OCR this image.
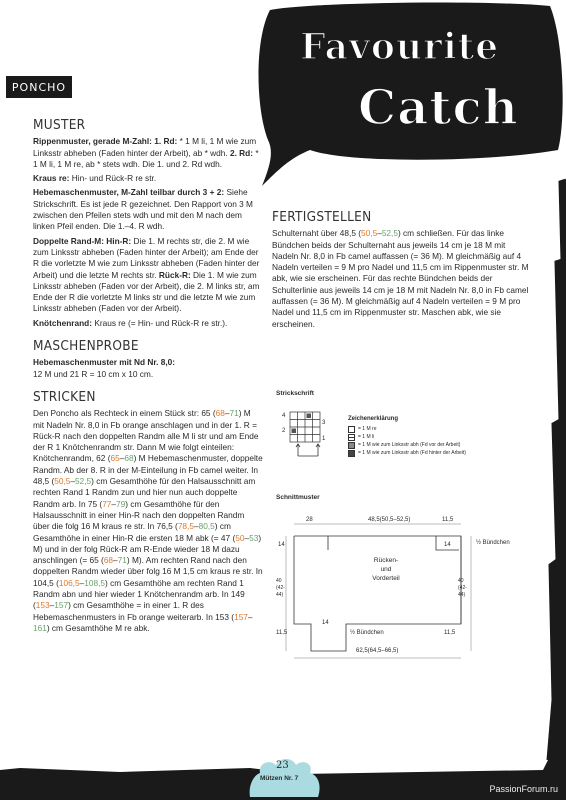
Favourite
Catch
PONCHO
MUSTER

Rippenmuster, gerade M-Zahl: 1. Rd: * 1 M li, 1 M wie zum Linksstr abheben (Faden hinter der Arbeit), ab * wdh. 2. Rd: * 1 M li, 1 M re, ab * stets wdh. Die 1. und 2. Rd wdh.

Kraus re: Hin- und Rück-R re str.

Hebemaschenmuster, M-Zahl teilbar durch 3 + 2: Siehe Strickschrift. Es ist jede R gezeichnet. Den Rapport von 3 M zwischen den Pfeilen stets wdh und mit den M nach dem linken Pfeil enden. Die 1.–4. R wdh.

Doppelte Rand-M: Hin-R: Die 1. M rechts str, die 2. M wie zum Linksstr abheben (Faden hinter der Arbeit); am Ende der R die vorletzte M wie zum Linksstr abheben (Faden hinter der Arbeit) und die letzte M rechts str. Rück-R: Die 1. M wie zum Linksstr abheben (Faden vor der Arbeit), die 2. M links str, am Ende der R die vorletzte M links str und die letzte M wie zum Linksstr abheben (Faden vor der Arbeit).

Knötchenrand: Kraus re (= Hin- und Rück-R re str.).

MASCHENPROBE

Hebemaschenmuster mit Nd Nr. 8,0:

12 M und 21 R = 10 cm x 10 cm.

STRICKEN

Den Poncho als Rechteck in einem Stück str: 65 (68–71) M mit Nadeln Nr. 8,0 in Fb orange anschlagen und in der 1. R = Rück-R nach den doppelten Randm alle M li str und am Ende der R 1 Knötchenrandm str. Dann M wie folgt einteilen: Knötchenrandm, 62 (65–68) M Hebemaschenmuster, doppelte Randm. Ab der 8. R in der M-Einteilung in Fb camel weiter. In 48,5 (50,5–52,5) cm Gesamthöhe für den Halsausschnitt am rechten Rand 1 Randm zun und hier nun auch doppelte Randm arb. In 75 (77–79) cm Gesamthöhe für den Halsausschnitt in einer Hin-R nach den doppelten Randm über die folg 16 M kraus re str. In 76,5 (78,5–80,5) cm Gesamthöhe in einer Hin-R die ersten 18 M abk (= 47 (50–53) M) und in der folg Rück-R am R-Ende wieder 18 M dazu anschlingen (= 65 (68–71) M). Am rechten Rand nach den doppelten Randm wieder über folg 16 M 1,5 cm kraus re str. In 104,5 (106,5–108,5) cm Gesamthöhe am rechten Rand 1 Randm abn und hier wieder 1 Knötchenrandm arb. In 149 (153–157) cm Gesamthöhe = in einer 1. R des Hebemaschenmusters in Fb orange weiterarb. In 153 (157–161) cm Gesamthöhe M re abk.

FERTIGSTELLEN

Schulternaht über 48,5 (50,5–52,5) cm schließen. Für das linke Bündchen beids der Schulternaht aus jeweils 14 cm je 18 M mit Nadeln Nr. 8,0 in Fb camel auffassen (= 36 M). M gleichmäßig auf 4 Nadeln verteilen = 9 M pro Nadel und 11,5 cm im Rippenmuster str. M abk, wie sie erscheinen. Für das rechte Bündchen beids der Schulterlinie aus jeweils 14 cm je 18 M mit Nadeln Nr. 8,0 in Fb camel auffassen (= 36 M). M gleichmäßig auf 4 Nadeln verteilen = 9 M pro Nadel und 11,5 cm im Rippenmuster str. Maschen abk, wie sie erscheinen.

Strickschrift
4
2
3
1
Zeichenerklärung
= 1 M re
= 1 M li
= 1 M wie zum Linksstr abh (Fd vor der Arbeit)
= 1 M wie zum Linksstr abh (Fd hinter der Arbeit)
Schnittmuster
28	48,5(50,5–52,5)	11,5
14	14	½ Bündchen
Rücken-
und
Vorderteil
40
(42-
44)
40
(42-
44)
11,5
14
½ Bündchen	11,5
62,5(64,5–66,5)
23
Mützen Nr. 7
PassionForum.ru
